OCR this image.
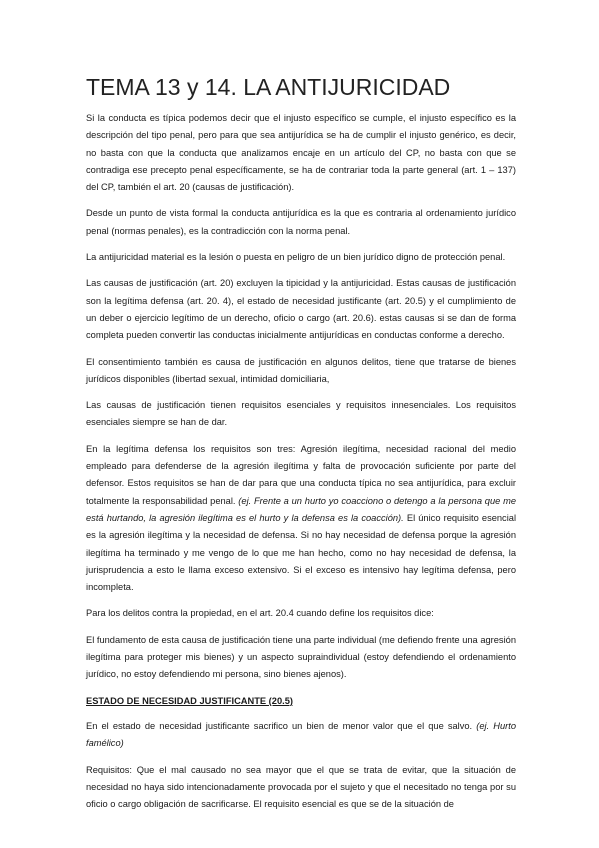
TEMA 13 y 14. LA ANTIJURICIDAD

Si la conducta es típica podemos decir que el injusto específico se cumple, el injusto específico es la descripción del tipo penal, pero para que sea antijurídica se ha de cumplir el injusto genérico, es decir, no basta con que la conducta que analizamos encaje en un artículo del CP, no basta con que se contradiga ese precepto penal específicamente, se ha de contrariar toda la parte general (art. 1 – 137) del CP, también el art. 20 (causas de justificación).

Desde un punto de vista formal la conducta antijurídica es la que es contraria al ordenamiento jurídico penal (normas penales), es la contradicción con la norma penal.

La antijuricidad material es la lesión o puesta en peligro de un bien jurídico digno de protección penal.

Las causas de justificación (art. 20) excluyen la tipicidad y la antijuricidad. Estas causas de justificación son la legítima defensa (art. 20. 4), el estado de necesidad justificante (art. 20.5) y el cumplimiento de un deber o ejercicio legítimo de un derecho, oficio o cargo (art. 20.6). estas causas si se dan de forma completa pueden convertir las conductas inicialmente antijurídicas en conductas conforme a derecho.

El consentimiento también es causa de justificación en algunos delitos, tiene que tratarse de bienes jurídicos disponibles (libertad sexual, intimidad domiciliaria,

Las causas de justificación tienen requisitos esenciales y requisitos innesenciales. Los requisitos esenciales siempre se han de dar.

En la legítima defensa los requisitos son tres: Agresión ilegítima, necesidad racional del medio empleado para defenderse de la agresión ilegítima y falta de provocación suficiente por parte del defensor. Estos requisitos se han de dar para que una conducta típica no sea antijurídica, para excluir totalmente la responsabilidad penal. (ej. Frente a un hurto yo coacciono o detengo a la persona que me está hurtando, la agresión ilegítima es el hurto y la defensa es la coacción). El único requisito esencial es la agresión ilegítima y la necesidad de defensa. Si no hay necesidad de defensa porque la agresión ilegítima ha terminado y me vengo de lo que me han hecho, como no hay necesidad de defensa, la jurisprudencia a esto le llama exceso extensivo. Si el exceso es intensivo hay legítima defensa, pero incompleta.

Para los delitos contra la propiedad, en el art. 20.4 cuando define los requisitos dice:

El fundamento de esta causa de justificación tiene una parte individual (me defiendo frente una agresión ilegítima para proteger mis bienes) y un aspecto supraindividual (estoy defendiendo el ordenamiento jurídico, no estoy defendiendo mi persona, sino bienes ajenos).

ESTADO DE NECESIDAD JUSTIFICANTE (20.5)

En el estado de necesidad justificante sacrifico un bien de menor valor que el que salvo. (ej. Hurto famélico)

Requisitos: Que el mal causado no sea mayor que el que se trata de evitar, que la situación de necesidad no haya sido intencionadamente provocada por el sujeto y que el necesitado no tenga por su oficio o cargo obligación de sacrificarse. El requisito esencial es que se de la situación de
